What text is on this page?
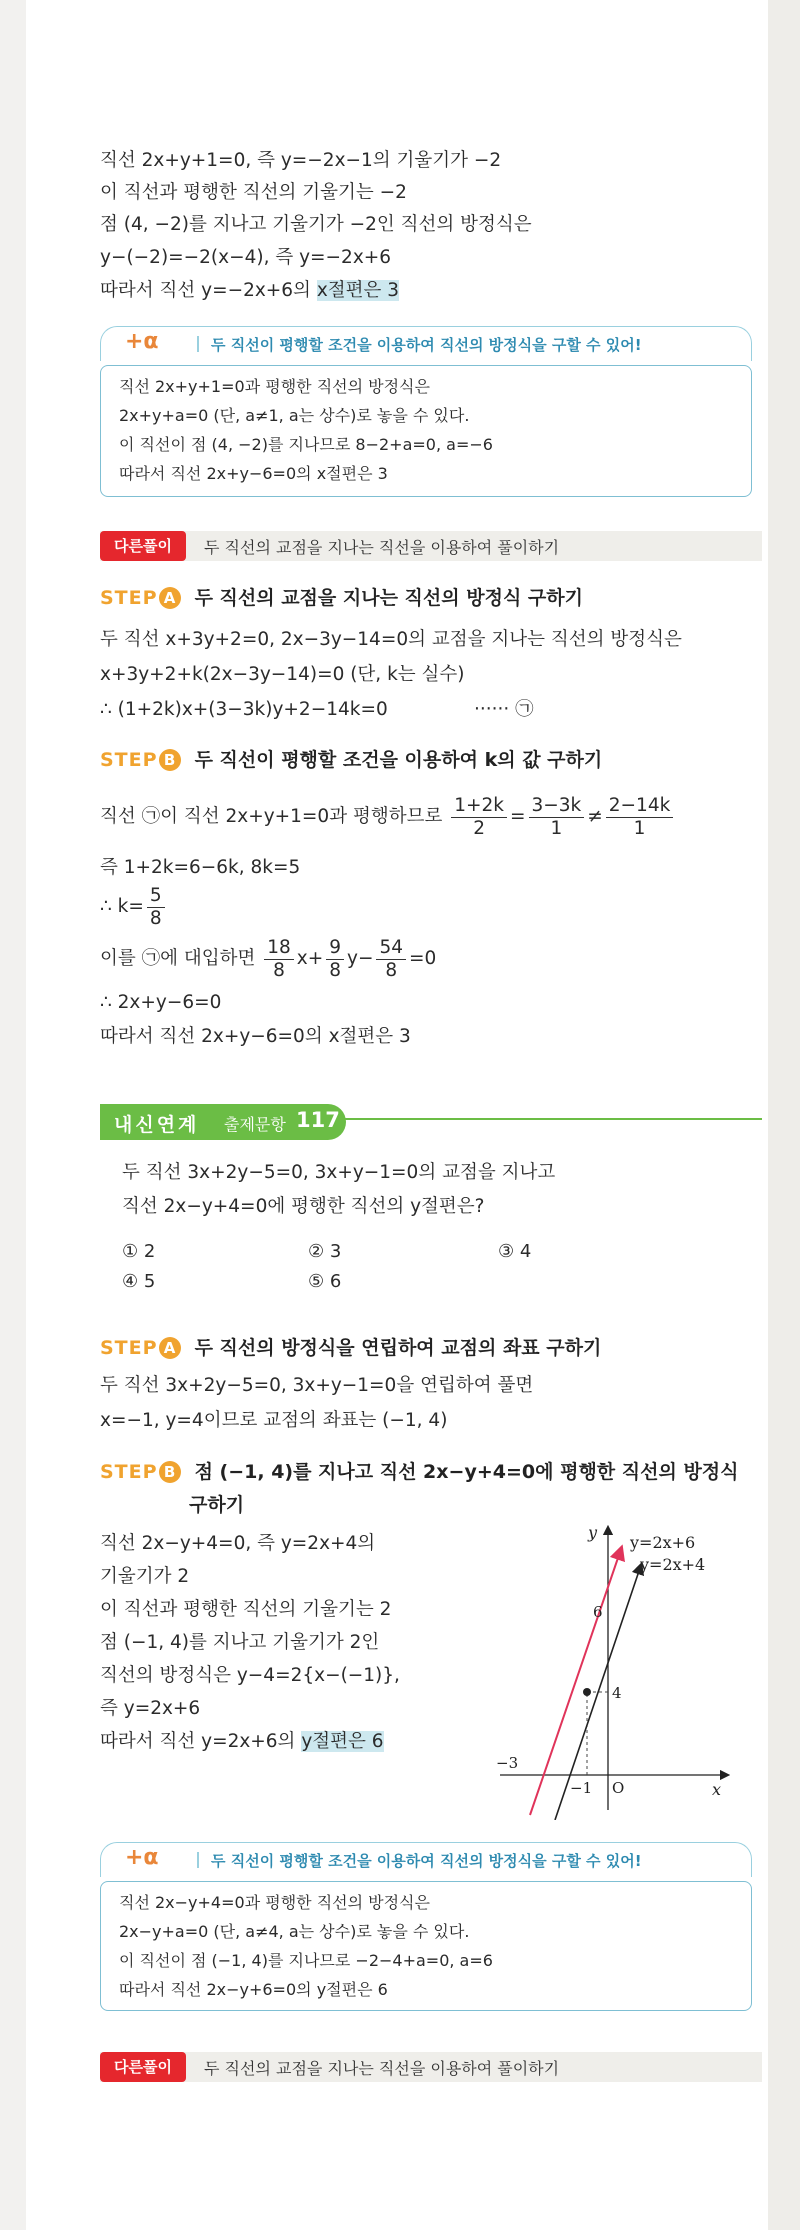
직선 2x+y+1=0, 즉 y=−2x−1의 기울기가 −2
이 직선과 평행한 직선의 기울기는 −2
점 (4, −2)를 지나고 기울기가 −2인 직선의 방정식은
y−(−2)=−2(x−4), 즉 y=−2x+6
따라서 직선 y=−2x+6의 x절편은 3
+α	두 직선이 평행할 조건을 이용하여 직선의 방정식을 구할 수 있어!
직선 2x+y+1=0과 평행한 직선의 방정식은
2x+y+a=0 (단, a≠1, a는 상수)로 놓을 수 있다.
이 직선이 점 (4, −2)를 지나므로 8−2+a=0, a=−6
따라서 직선 2x+y−6=0의 x절편은 3
다른풀이	두 직선의 교점을 지나는 직선을 이용하여 풀이하기
STEP A 두 직선의 교점을 지나는 직선의 방정식 구하기
두 직선 x+3y+2=0, 2x−3y−14=0의 교점을 지나는 직선의 방정식은
x+3y+2+k(2x−3y−14)=0 (단, k는 실수)
∴ (1+2k)x+(3−3k)y+2−14k=0	······ ㉠
STEP B 두 직선이 평행할 조건을 이용하여 k의 값 구하기
직선 ㉠이 직선 2x+y+1=0과 평행하므로 $\frac{1+2k}{2} = \frac{3-3k}{1} \ne \frac{2-14k}{1}$
즉 1+2k=6−6k, 8k=5
∴ $k= \frac{5}{8}$
이를 ㉠에 대입하면 $\frac{18}{8} x+ \frac{9}{8} y- \frac{54}{8} =0$
∴ 2x+y−6=0
따라서 직선 2x+y−6=0의 x절편은 3
내신연계 출제문항 117
두 직선 3x+2y−5=0, 3x+y−1=0의 교점을 지나고
직선 2x−y+4=0에 평행한 직선의 y절편은?
① 2	② 3	③ 4
④ 5	⑤ 6
STEP A 두 직선의 방정식을 연립하여 교점의 좌표 구하기
두 직선 3x+2y−5=0, 3x+y−1=0을 연립하여 풀면
x=−1, y=4이므로 교점의 좌표는 (−1, 4)
STEP B 점 (−1, 4)를 지나고 직선 2x−y+4=0에 평행한 직선의 방정식
구하기
직선 2x−y+4=0, 즉 y=2x+4의
기울기가 2
이 직선과 평행한 직선의 기울기는 2
점 (−1, 4)를 지나고 기울기가 2인
직선의 방정식은 y−4=2{x−(−1)},
즉 y=2x+6
따라서 직선 y=2x+6의 y절편은 6
y=2x+6
y=2x+4
y
x
O
6
4
−3
−1
+α	두 직선이 평행할 조건을 이용하여 직선의 방정식을 구할 수 있어!
직선 2x−y+4=0과 평행한 직선의 방정식은
2x−y+a=0 (단, a≠4, a는 상수)로 놓을 수 있다.
이 직선이 점 (−1, 4)를 지나므로 −2−4+a=0, a=6
따라서 직선 2x−y+6=0의 y절편은 6
다른풀이	두 직선의 교점을 지나는 직선을 이용하여 풀이하기
